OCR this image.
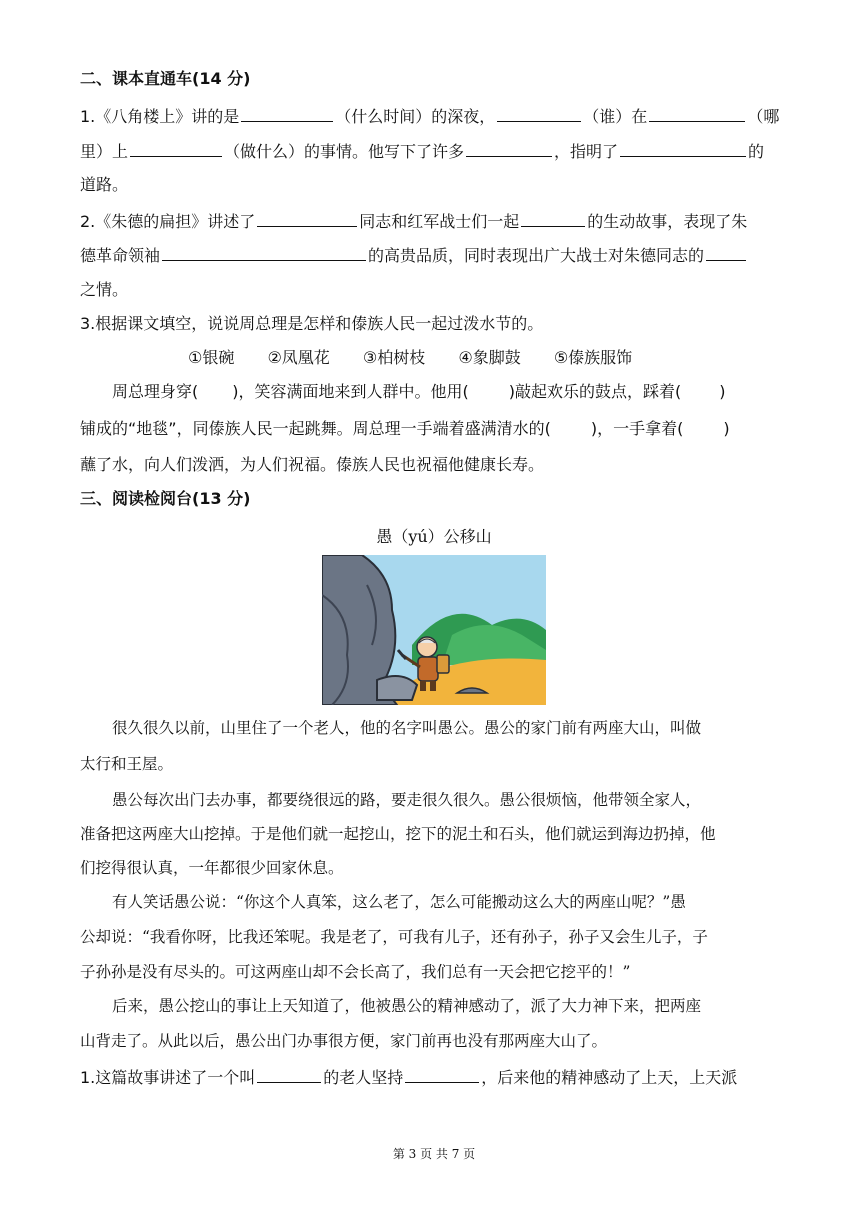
二、课本直通车(14 分)
1.《八角楼上》讲的是	（什么时间）的深夜，	（谁）在	（哪
里）上	（做什么）的事情。他写下了许多	，指明了	的
道路。
2.《朱德的扁担》讲述了	同志和红军战士们一起	的生动故事，表现了朱
德革命领袖	的高贵品质，同时表现出广大战士对朱德同志的
之情。
3.根据课文填空，说说周总理是怎样和傣族人民一起过泼水节的。
①银碗 ②凤凰花 ③柏树枝 ④象脚鼓 ⑤傣族服饰
周总理身穿( )，笑容满面地来到人群中。他用(	)敲起欢乐的鼓点，踩着( )
铺成的“地毯”，同傣族人民一起跳舞。周总理一手端着盛满清水的(	)，一手拿着(	)
蘸了水，向人们泼洒，为人们祝福。傣族人民也祝福他健康长寿。
三、阅读检阅台(13 分)
愚（yú）公移山
很久很久以前，山里住了一个老人，他的名字叫愚公。愚公的家门前有两座大山，叫做
太行和王屋。
愚公每次出门去办事，都要绕很远的路，要走很久很久。愚公很烦恼，他带领全家人，
准备把这两座大山挖掉。于是他们就一起挖山，挖下的泥土和石头，他们就运到海边扔掉，他
们挖得很认真，一年都很少回家休息。
有人笑话愚公说：“你这个人真笨，这么老了，怎么可能搬动这么大的两座山呢？”愚
公却说：“我看你呀，比我还笨呢。我是老了，可我有儿子，还有孙子，孙子又会生儿子，子
子孙孙是没有尽头的。可这两座山却不会长高了，我们总有一天会把它挖平的！”
后来，愚公挖山的事让上天知道了，他被愚公的精神感动了，派了大力神下来，把两座
山背走了。从此以后，愚公出门办事很方便，家门前再也没有那两座大山了。
1.这篇故事讲述了一个叫	的老人坚持	，后来他的精神感动了上天，上天派
第 3 页 共 7 页
